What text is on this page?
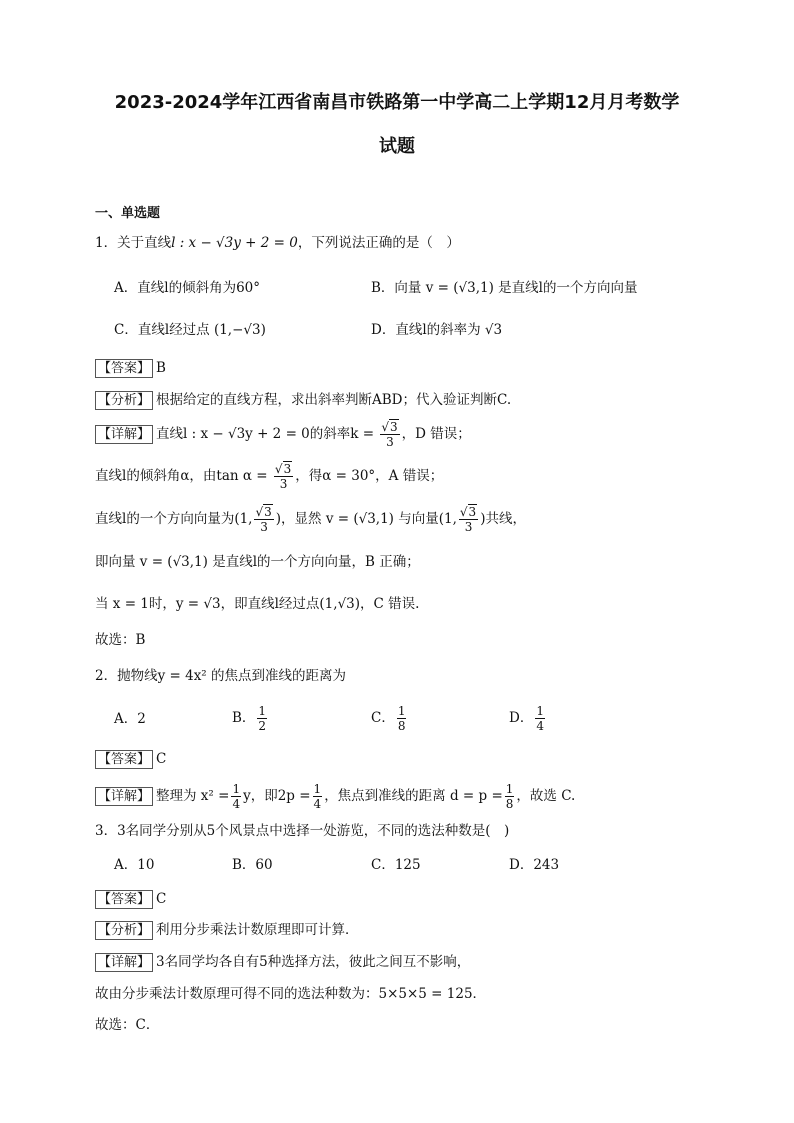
2023-2024学年江西省南昌市铁路第一中学高二上学期12月月考数学
试题
一、单选题
1．关于直线l : x − √3y + 2 = 0，下列说法正确的是（　）
A．直线l的倾斜角为60°	B．向量 v = (√3,1) 是直线l的一个方向向量
C．直线l经过点 (1,−√3)	D．直线l的斜率为 √3
【答案】 B
【分析】 根据给定的直线方程，求出斜率判断ABD；代入验证判断C.
【详解】 直线l : x − √3y + 2 = 0的斜率$k = \frac{√3}{3}$ ，D 错误；
直线l的倾斜角α，由$\tan \alpha = \frac{√3}{3}$ ，得α = 30°，A 错误；
直线l的一个方向向量为(1, $\frac{√3}{3}$ )，显然 v = (√3,1) 与向量(1, $\frac{√3}{3}$ )共线，
即向量 v = (√3,1) 是直线l的一个方向向量，B 正确；
当 x = 1时，y = √3，即直线l经过点(1,√3)，C 错误.
故选：B
2．抛物线y = 4x² 的焦点到准线的距离为
A．2	B． $\frac{1}{2}$	C． $\frac{1}{8}$	D． $\frac{1}{4}$
【答案】 C
【详解】 整理为 $x^2 = \frac{1}{4}$ y，即$2p = \frac{1}{4}$ ，焦点到准线的距离 $d = p = \frac{1}{8}$ ，故选 C.
3．3名同学分别从5个风景点中选择一处游览，不同的选法种数是(　)
A．10	B．60	C．125	D．243
【答案】 C
【分析】 利用分步乘法计数原理即可计算．
【详解】 3名同学均各自有5种选择方法，彼此之间互不影响，
故由分步乘法计数原理可得不同的选法种数为：5×5×5 = 125．
故选：C．
